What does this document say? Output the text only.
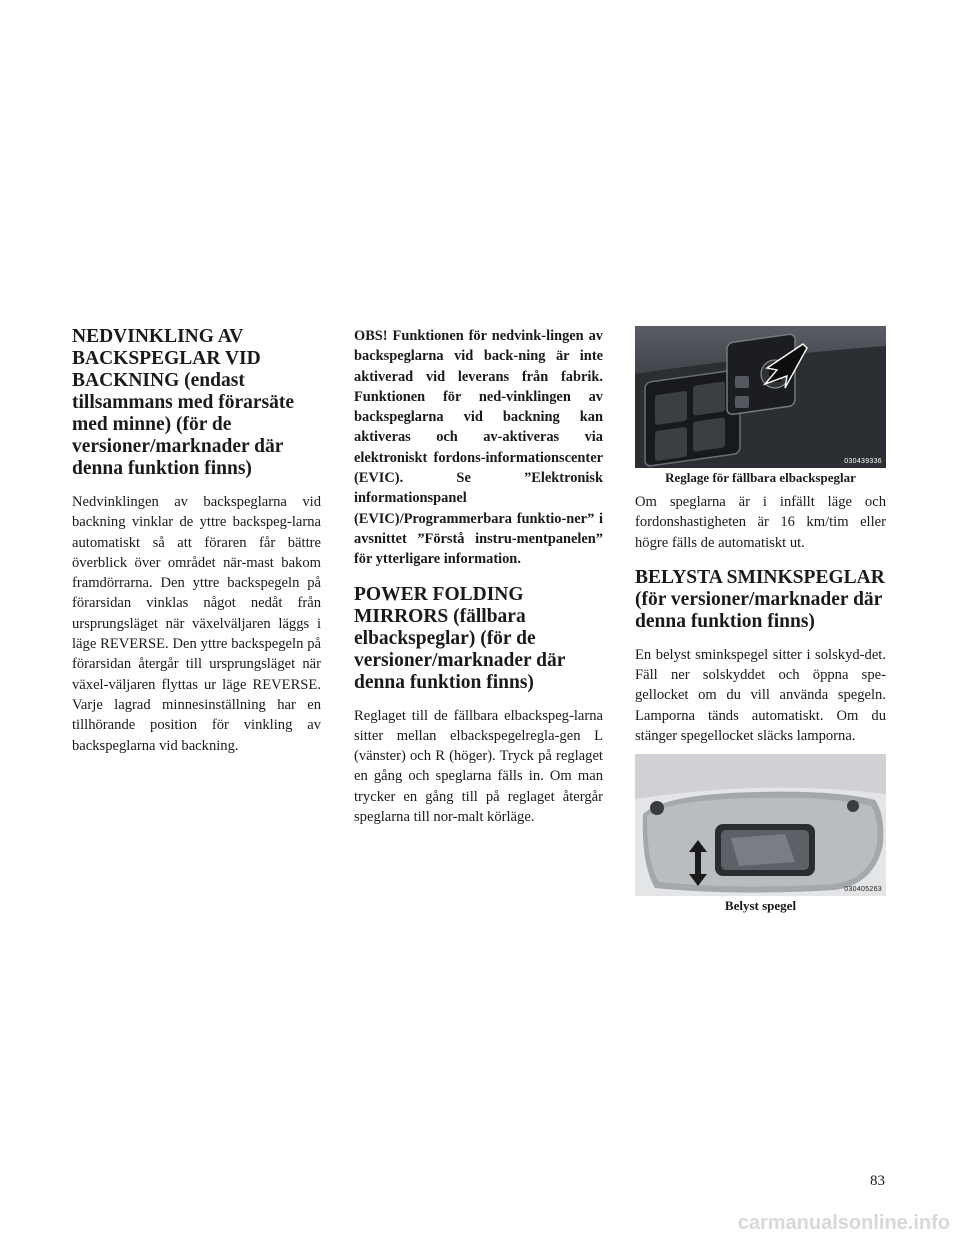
NEDVINKLING AV BACKSPEGLAR VID BACKNING (endast tillsammans med förarsäte med minne) (för de versioner/marknader där denna funktion finns)

Nedvinklingen av backspeglarna vid backning vinklar de yttre backspeg-larna automatiskt så att föraren får bättre överblick över området när-mast bakom framdörrarna. Den yttre backspegeln på förarsidan vinklas något nedåt från ursprungsläget när växelväljaren läggs i läge REVERSE. Den yttre backspegeln på förarsidan återgår till ursprungsläget när växel-väljaren flyttas ur läge REVERSE. Varje lagrad minnesinställning har en tillhörande position för vinkling av backspeglarna vid backning.

OBS! Funktionen för nedvink-lingen av backspeglarna vid back-ning är inte aktiverad vid leverans från fabrik. Funktionen för ned-vinklingen av backspeglarna vid backning kan aktiveras och av-aktiveras via elektroniskt fordons-informationscenter (EVIC). Se ”Elektronisk informationspanel (EVIC)/Programmerbara funktio-ner” i avsnittet ”Förstå instru-mentpanelen” för ytterligare information.

POWER FOLDING MIRRORS (fällbara elbackspeglar) (för de versioner/marknader där denna funktion finns)

Reglaget till de fällbara elbackspeg-larna sitter mellan elbackspegelregla-gen L (vänster) och R (höger). Tryck på reglaget en gång och speglarna fälls in. Om man trycker en gång till på reglaget återgår speglarna till nor-malt körläge.

030439336
Reglage för fällbara elbackspeglar

Om speglarna är i infällt läge och fordonshastigheten är 16 km/tim eller högre fälls de automatiskt ut.

BELYSTA SMINKSPEGLAR (för versioner/marknader där denna funktion finns)

En belyst sminkspegel sitter i solskyd-det. Fäll ner solskyddet och öppna spe-gellocket om du vill använda spegeln. Lamporna tänds automatiskt. Om du stänger spegellocket släcks lamporna.

030405263
Belyst spegel
83
carmanualsonline.info
